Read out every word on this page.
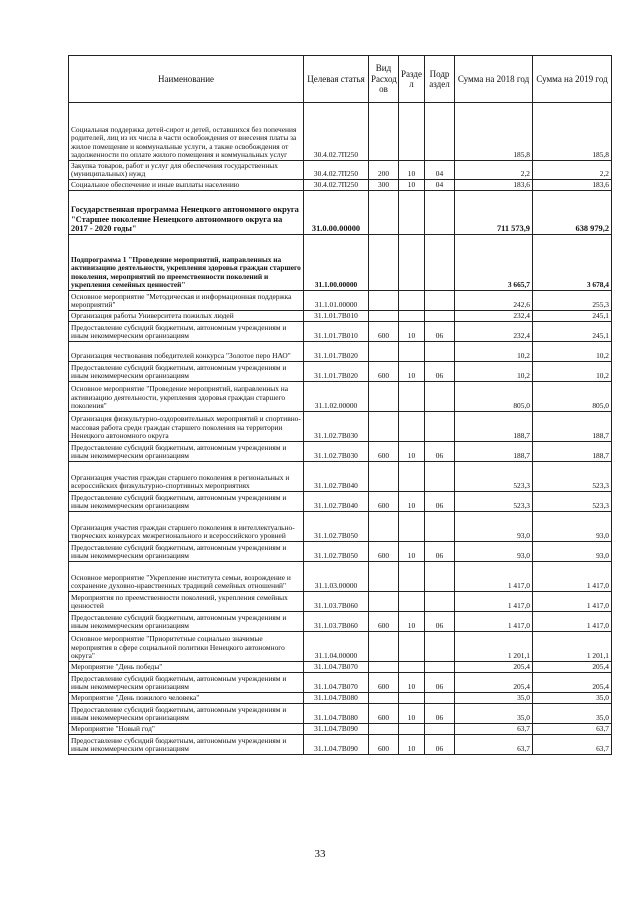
Наименование	Целевая статья	Вид Расход ов	Разде л	Подр аздел	Сумма на 2018 год	Сумма на 2019 год
Социальная поддержка детей-сирот и детей, оставшихся без попечения родителей, лиц из их числа в части освобождения от внесения платы за жилое помещение и коммунальные услуги, а также освобождения от задолженности по оплате жилого помещения и коммунальных услуг	30.4.02.7П250				185,8	185,8
Закупка товаров, работ и услуг для обеспечения государственных (муниципальных) нужд	30.4.02.7П250	200	10	04	2,2	2,2
Социальное обеспечение и иные выплаты населению	30.4.02.7П250	300	10	04	183,6	183,6
Государственная программа Ненецкого автономного округа "Старшее поколение Ненецкого автономного округа на 2017 - 2020 годы"	31.0.00.00000				711 573,9	638 979,2
Подпрограмма 1 "Проведение мероприятий, направленных на активизацию деятельности, укрепления здоровья граждан старшего поколения, мероприятий по преемственности поколений и укрепления семейных ценностей"	31.1.00.00000				3 665,7	3 678,4
Основное мероприятие "Методическая и информационная поддержка мероприятий"	31.1.01.00000				242,6	255,3
Организация работы Университета пожилых людей	31.1.01.7В010				232,4	245,1
Предоставление субсидий бюджетным, автономным учреждениям и иным некоммерческим организациям	31.1.01.7В010	600	10	06	232,4	245,1
Организация чествования победителей конкурса "Золотое перо НАО"	31.1.01.7В020				10,2	10,2
Предоставление субсидий бюджетным, автономным учреждениям и иным некоммерческим организациям	31.1.01.7В020	600	10	06	10,2	10,2
Основное мероприятие "Проведение мероприятий, направленных на активизацию деятельности, укрепления здоровья граждан старшего поколения"	31.1.02.00000				805,0	805,0
Организация физкультурно-оздоровительных мероприятий и спортивно-массовая работа среди граждан старшего поколения на территории Ненецкого автономного округа	31.1.02.7В030				188,7	188,7
Предоставление субсидий бюджетным, автономным учреждениям и иным некоммерческим организациям	31.1.02.7В030	600	10	06	188,7	188,7
Организация участия граждан старшего поколения в региональных и всероссийских физкультурно-спортивных мероприятиях	31.1.02.7В040				523,3	523,3
Предоставление субсидий бюджетным, автономным учреждениям и иным некоммерческим организациям	31.1.02.7В040	600	10	06	523,3	523,3
Организация участия граждан старшего поколения в интеллектуально-творческих конкурсах межрегионального и всероссийского уровней	31.1.02.7В050				93,0	93,0
Предоставление субсидий бюджетным, автономным учреждениям и иным некоммерческим организациям	31.1.02.7В050	600	10	06	93,0	93,0
Основное мероприятие "Укрепление института семьи, возрождение и сохранение духовно-нравственных традиций семейных отношений"	31.1.03.00000				1 417,0	1 417,0
Мероприятия по преемственности поколений, укрепления семейных ценностей	31.1.03.7В060				1 417,0	1 417,0
Предоставление субсидий бюджетным, автономным учреждениям и иным некоммерческим организациям	31.1.03.7В060	600	10	06	1 417,0	1 417,0
Основное мероприятие "Приоритетные социально значимые мероприятия в сфере социальной политики Ненецкого автономного округа"	31.1.04.00000				1 201,1	1 201,1
Мероприятие "День победы"	31.1.04.7В070				205,4	205,4
Предоставление субсидий бюджетным, автономным учреждениям и иным некоммерческим организациям	31.1.04.7В070	600	10	06	205,4	205,4
Мероприятие "День пожилого человека"	31.1.04.7В080				35,0	35,0
Предоставление субсидий бюджетным, автономным учреждениям и иным некоммерческим организациям	31.1.04.7В080	600	10	06	35,0	35,0
Мероприятие "Новый год"	31.1.04.7В090				63,7	63,7
Предоставление субсидий бюджетным, автономным учреждениям и иным некоммерческим организациям	31.1.04.7В090	600	10	06	63,7	63,7
33
